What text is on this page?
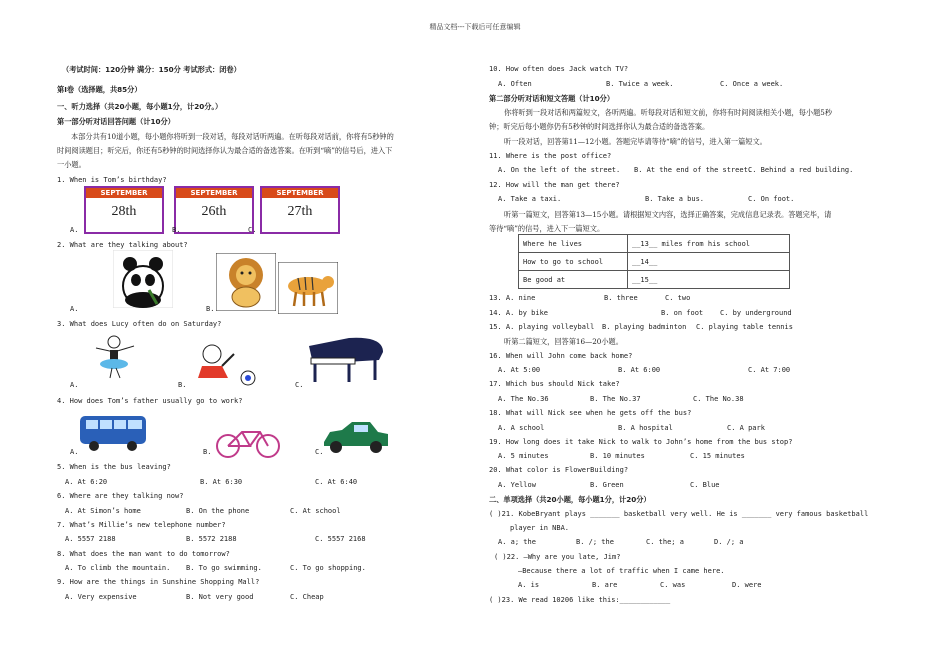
精品文档---下载后可任意编辑
（考试时间：120分钟 满分：150分 考试形式：闭卷）
第Ⅰ卷（选择题，共85分）
一、听力选择（共20小题，每小题1分，计20分。）
第一部分听对话回答问题（计10分）
本部分共有10道小题，每小题你将听到一段对话，每段对话听两遍。在听每段对话前，你将有5秒钟的
时间阅读题目；听完后，你还有5秒钟的时间选择你认为最合适的备选答案。在听到“嘀”的信号后，进入下
一小题。
1. When is Tom’s birthday?
SEPTEMBER
28th
SEPTEMBER
26th
SEPTEMBER
27th
A.	B.	C.
2. What are they talking about?
A.	B.
3. What does Lucy often do on Saturday?
A.	B.	C.
4. How does Tom’s father usually go to work?
A.	B.	C.
5. When is the bus leaving?
A. At 6:20	B. At 6:30	C. At 6:40
6. Where are they talking now?
A. At Simon’s home	B. On the phone	C. At school
7. What’s Millie’s new telephone number?
A. 5557 2188	B. 5572 2188	C. 5557 2168
8. What does the man want to do tomorrow?
A. To climb the mountain. B. To go swimming.	C. To go shopping.
9. How are the things in Sunshine Shopping Mall?
A. Very expensive	B. Not very good	C. Cheap
10. How often does Jack watch TV?
A. Often	B. Twice a week.	C. Once a week.
第二部分听对话和短文答题（计10分）
你将听到一段对话和两篇短文，各听两遍。听每段对话和短文前，你将有时间阅读相关小题，每小题5秒
钟；听完后每小题你仍有5秒钟的时间选择你认为最合适的备选答案。
听一段对话，回答第11—12小题。答题完毕请等待“嘀”的信号，进入第一篇短文。
11. Where is the post office?
A. On the left of the street. B. At the end of the street.
C. Behind a red building.
12. How will the man get there?
A. Take a taxi.	B. Take a bus.	C. On foot.
听第一篇短文，回答第13—15小题。请根据短文内容，选择正确答案，完成信息记录表。答题完毕，请
等待“嘀”的信号，进入下一篇短文。
Where he lives	__13__ miles from his school
How to go to school	__14__
Be good at	__15__
13. A. nine	B. three	C. two
14. A. by bike	B. on foot C. by underground
15. A. playing volleyball B. playing badminton C. playing table tennis
听第二篇短文，回答第16—20小题。
16. When will John come back home?
A. At 5:00	B. At 6:00	C. At 7:00
17. Which bus should Nick take?
A. The No.36	B. The No.37	C. The No.38
18. What will Nick see when he gets off the bus?
A. A school	B. A hospital	C. A park
19. How long does it take Nick to walk to John’s home from the bus stop?
A. 5 minutes	B. 10 minutes	C. 15 minutes
20. What color is FlowerBuilding?
A. Yellow	B. Green	C. Blue
二、单项选择（共20小题，每小题1分，计20分）
( )21. KobeBryant plays _______ basketball very well. He is _______ very famous basketball
player in NBA.
A. a; the	B. /; the	C. the; a	D. /; a
( )22. —Why are you late, Jim?
—Because there a lot of traffic when I came here.
A. is	B. are	C. was	D. were
( )23. We read 10206 like this:____________
